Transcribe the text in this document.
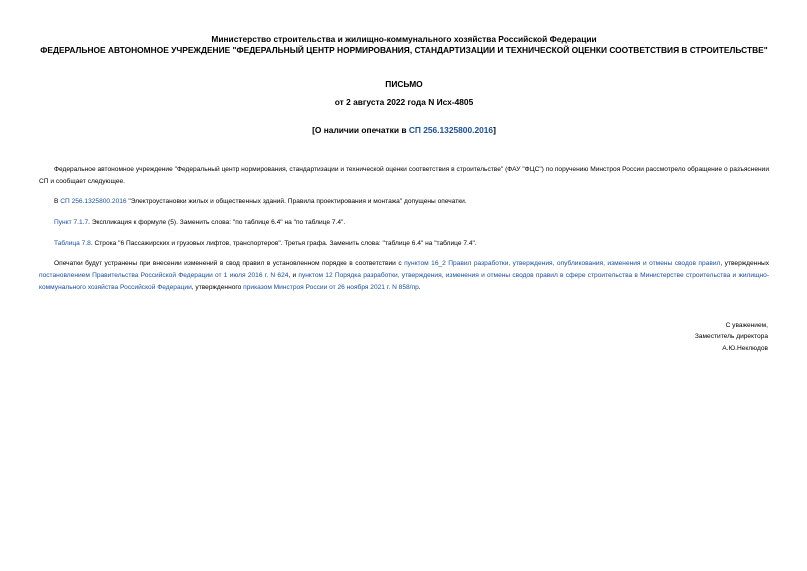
Министерство строительства и жилищно-коммунального хозяйства Российской Федерации
ФЕДЕРАЛЬНОЕ АВТОНОМНОЕ УЧРЕЖДЕНИЕ "ФЕДЕРАЛЬНЫЙ ЦЕНТР НОРМИРОВАНИЯ, СТАНДАРТИЗАЦИИ И ТЕХНИЧЕСКОЙ ОЦЕНКИ СООТВЕТСТВИЯ В СТРОИТЕЛЬСТВЕ"
ПИСЬМО
от 2 августа 2022 года N Исх-4805
[О наличии опечатки в СП 256.1325800.2016]

Федеральное автономное учреждение "Федеральный центр нормирования, стандартизации и технической оценки соответствия в строительстве" (ФАУ "ФЦС") по поручению Минстроя России рассмотрело обращение о разъяснении СП и сообщает следующее.

В СП 256.1325800.2016 "Электроустановки жилых и общественных зданий. Правила проектирования и монтажа" допущены опечатки.

Пункт 7.1.7. Экспликация к формуле (5). Заменить слова: "по таблице 6.4" на "по таблице 7.4".

Таблица 7.8. Строка "6 Пассажирских и грузовых лифтов, транспортеров". Третья графа. Заменить слова: "таблице 6.4" на "таблице 7.4".

Опечатки будут устранены при внесении изменений в свод правил в установленном порядке в соответствии с пунктом 16_2 Правил разработки, утверждения, опубликования, изменения и отмены сводов правил, утвержденных постановлением Правительства Российской Федерации от 1 июля 2016 г. N 624, и пунктом 12 Порядка разработки, утверждения, изменения и отмены сводов правил в сфере строительства в Министерстве строительства и жилищно-коммунального хозяйства Российской Федерации, утвержденного приказом Минстроя России от 26 ноября 2021 г. N 858/пр.

С уважением,
Заместитель директора
А.Ю.Неклюдов
